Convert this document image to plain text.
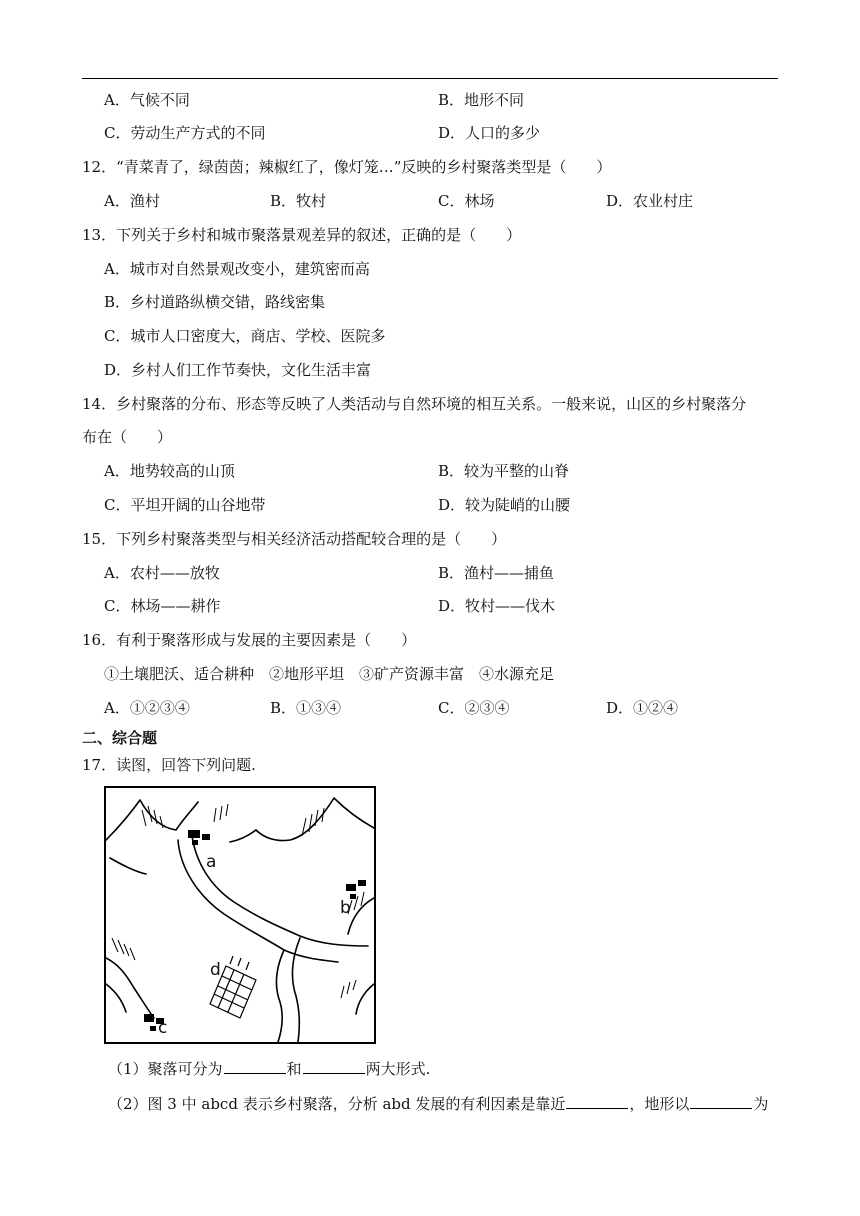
A．气候不同	B．地形不同
C．劳动生产方式的不同	D．人口的多少
12．“青菜青了，绿茵茵；辣椒红了，像灯笼…”反映的乡村聚落类型是（　　）
A．渔村	B．牧村	C．林场	D．农业村庄
13．下列关于乡村和城市聚落景观差异的叙述，正确的是（　　）
A．城市对自然景观改变小，建筑密而高
B．乡村道路纵横交错，路线密集
C．城市人口密度大，商店、学校、医院多
D．乡村人们工作节奏快，文化生活丰富
14．乡村聚落的分布、形态等反映了人类活动与自然环境的相互关系。一般来说，山区的乡村聚落分
布在（　　）
A．地势较高的山顶	B．较为平整的山脊
C．平坦开阔的山谷地带	D．较为陡峭的山腰
15．下列乡村聚落类型与相关经济活动搭配较合理的是（　　）
A．农村——放牧	B．渔村——捕鱼
C．林场——耕作	D．牧村——伐木
16．有利于聚落形成与发展的主要因素是（　　）
①土壤肥沃、适合耕种　②地形平坦　③矿产资源丰富　④水源充足
A．①②③④	B．①③④	C．②③④	D．①②④
二、综合题
17．读图，回答下列问题.
a
b
c
d
（1）聚落可分为	和	两大形式.
（2）图 3 中 abcd 表示乡村聚落，分析 abd 发展的有利因素是靠近	，地形以	为
